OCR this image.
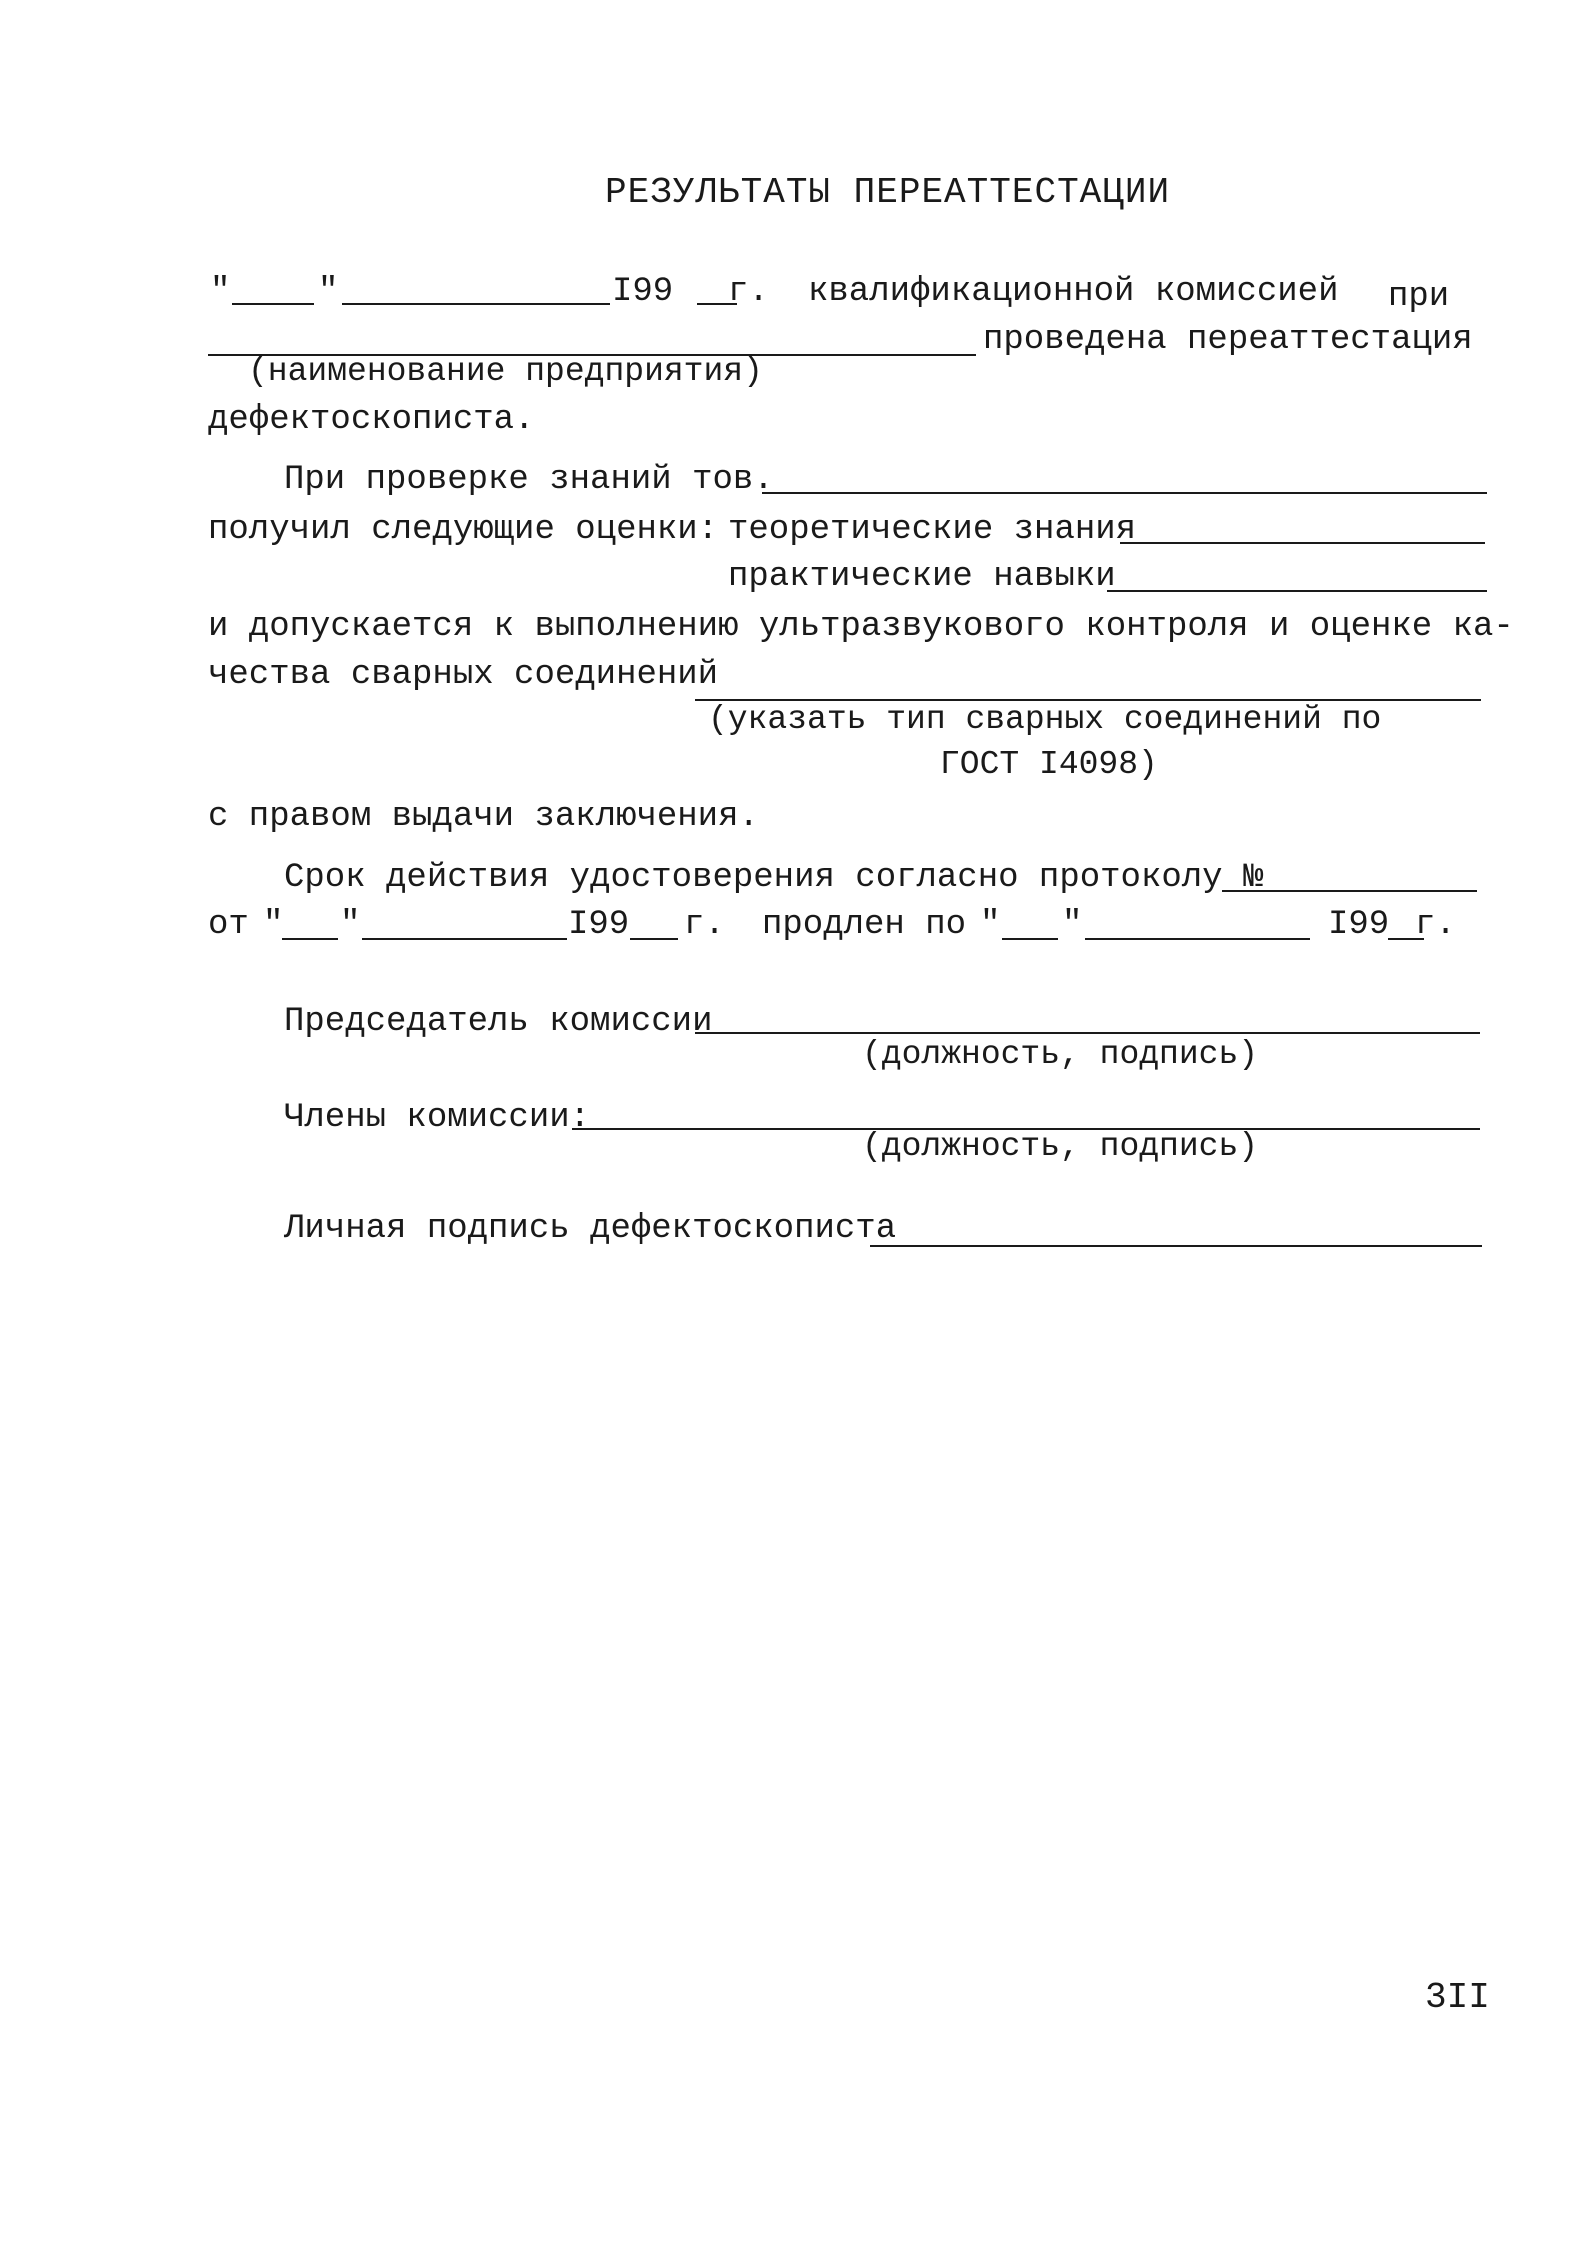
РЕЗУЛЬТАТЫ ПЕРЕАТТЕСТАЦИИ
"	"	I99 г. квалификационной комиссией при
проведена переаттестация
(наименование предприятия)
дефектоскописта.
При проверке знаний тов.
получил следующие оценки: теоретические знания
практические навыки
и допускается к выполнению ультразвукового контроля и оценке ка-
чества сварных соединений
(указать тип сварных соединений по
ГОСТ I4098)
с правом выдачи заключения.
Срок действия удостоверения согласно протоколу №
от " "	I99 г. продлен по " "	I99 г.
Председатель комиссии
(должность, подпись)
Члены комиссии:
(должность, подпись)
Личная подпись дефектоскописта
3II
